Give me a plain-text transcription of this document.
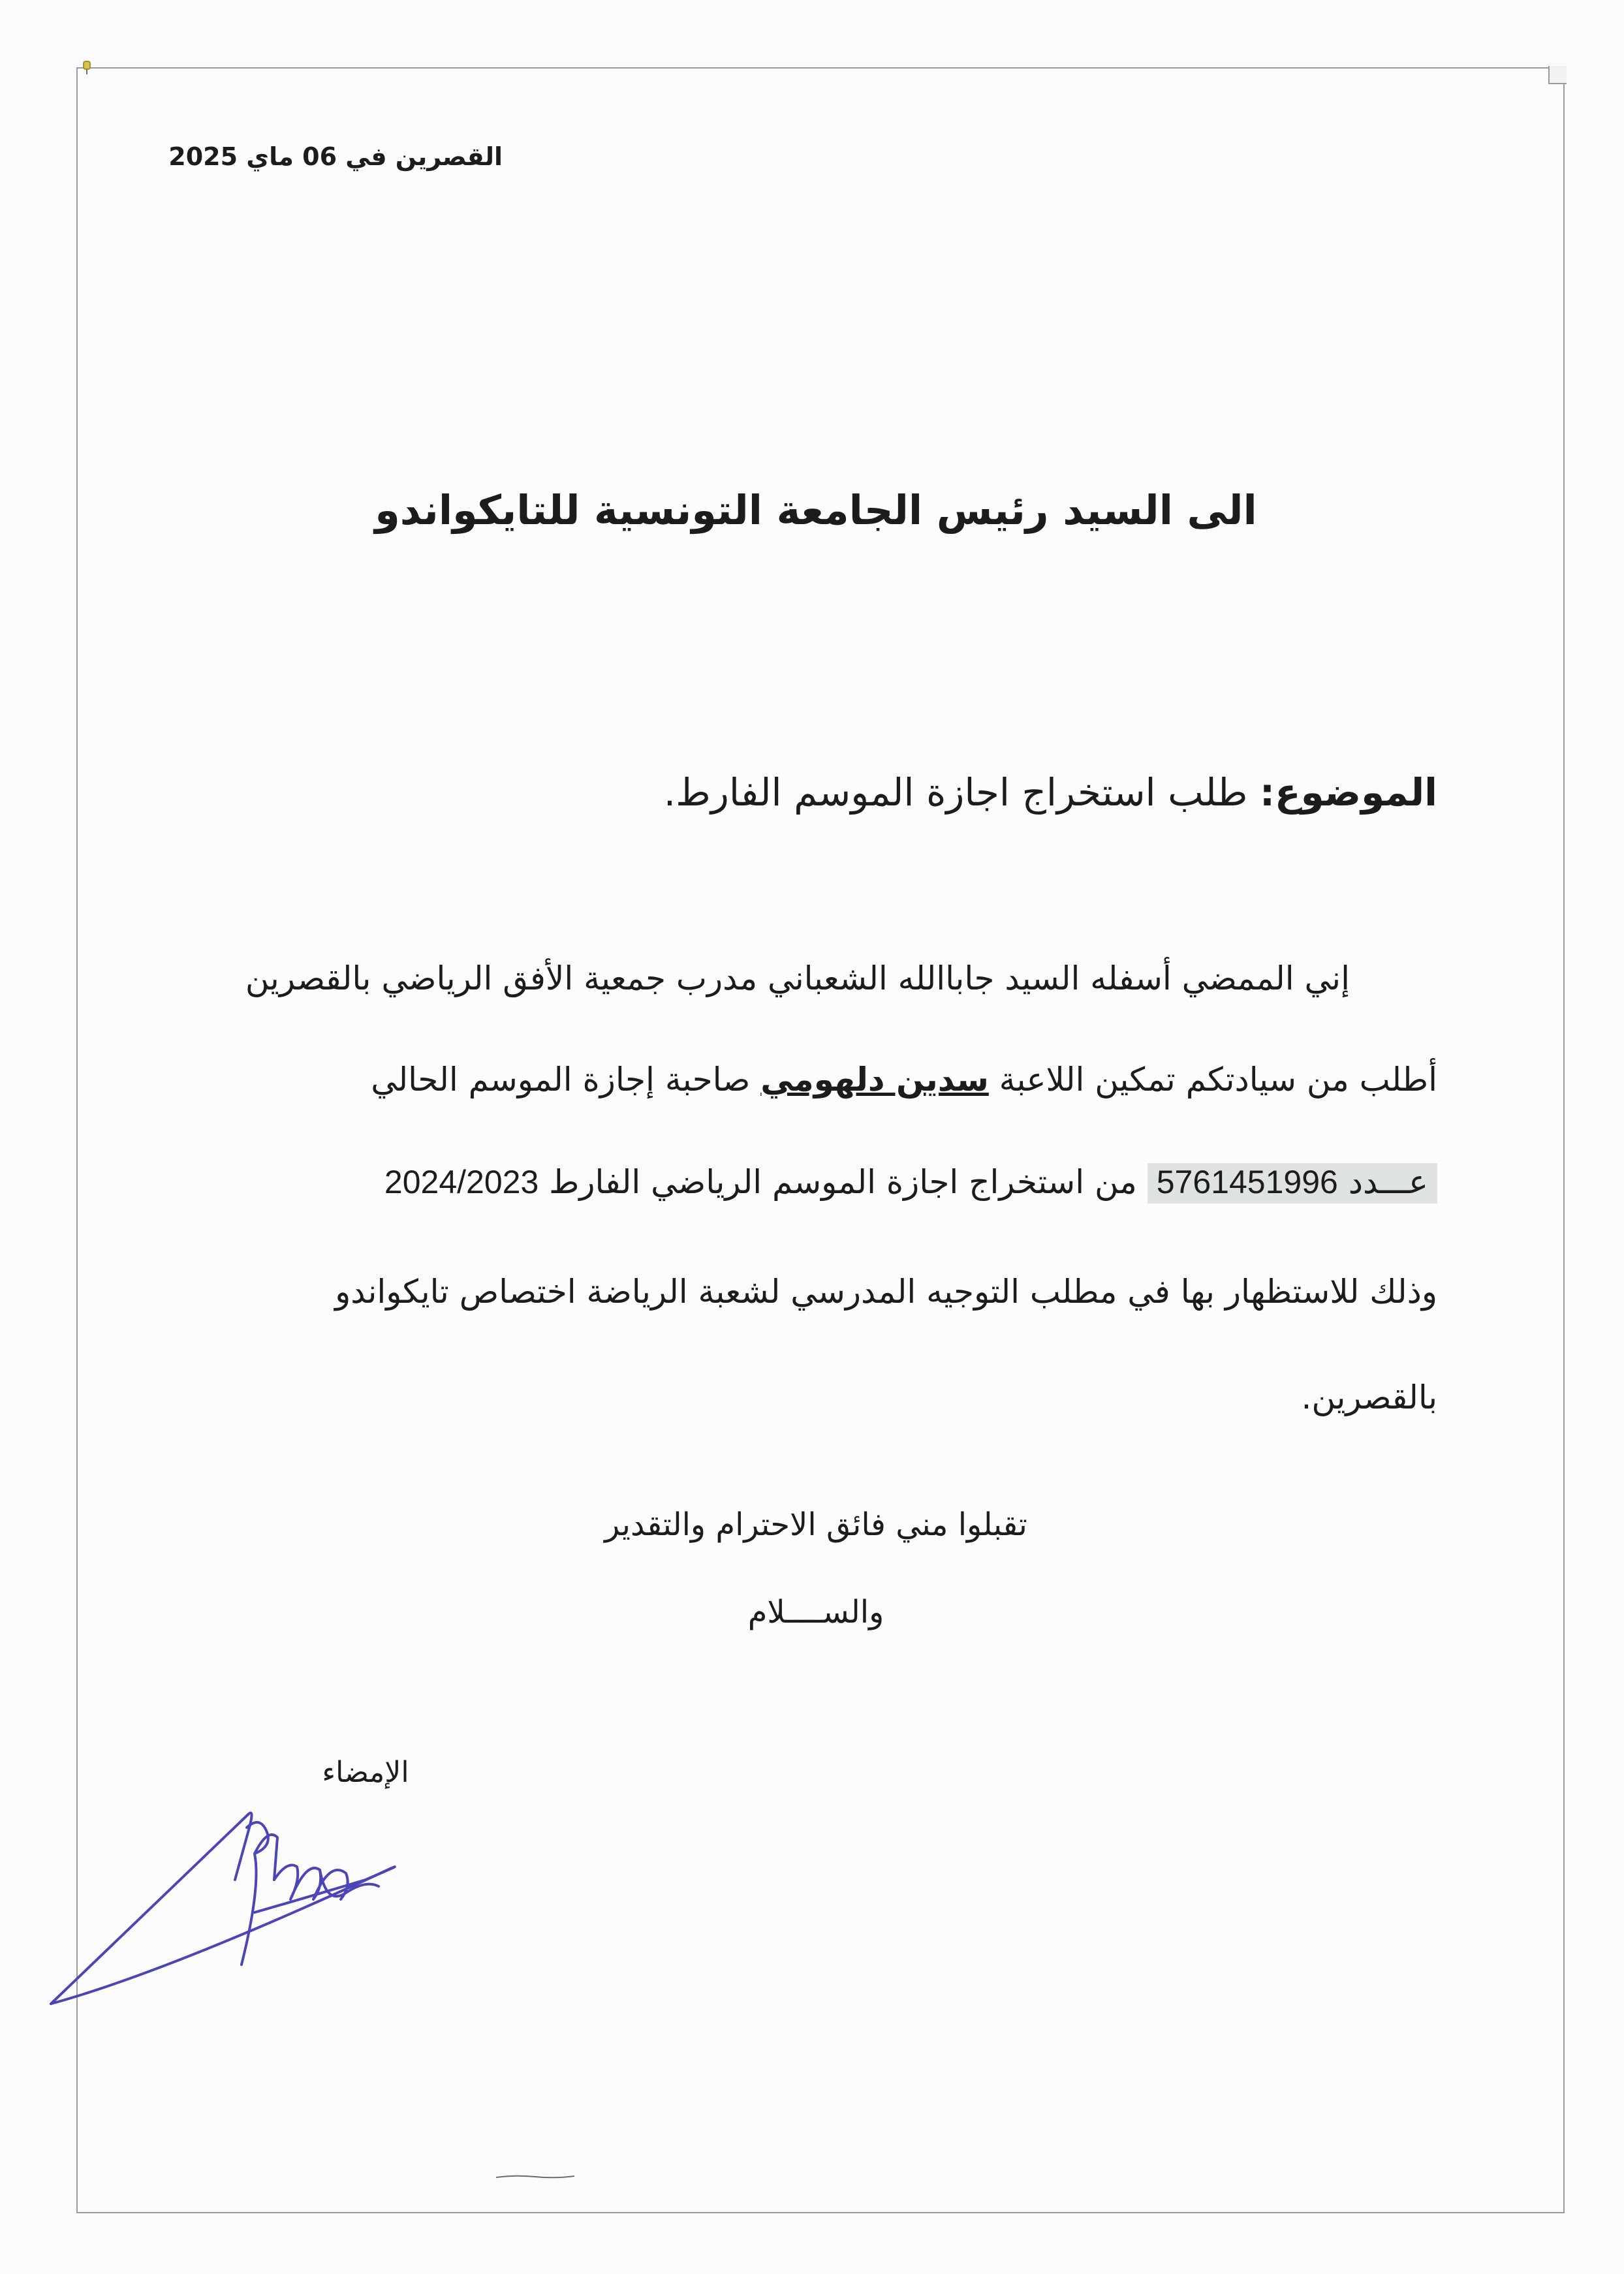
القصرين في 06 ماي 2025
الى السيد رئيس الجامعة التونسية للتايكواندو
الموضوع: طلب استخراج اجازة الموسم الفارط.
إني الممضي أسفله السيد جاباالله الشعباني مدرب جمعية الأفق الرياضي بالقصرين
أطلب من سيادتكم تمكين اللاعبة سدين دلهومي صاحبة إجازة الموسم الحالي
عـــدد 5761451996 من استخراج اجازة الموسم الرياضي الفارط 2024/2023
وذلك للاستظهار بها في مطلب التوجيه المدرسي لشعبة الرياضة اختصاص تايكواندو
بالقصرين.
تقبلوا مني فائق الاحترام والتقدير
والســــلام
الإمضاء
